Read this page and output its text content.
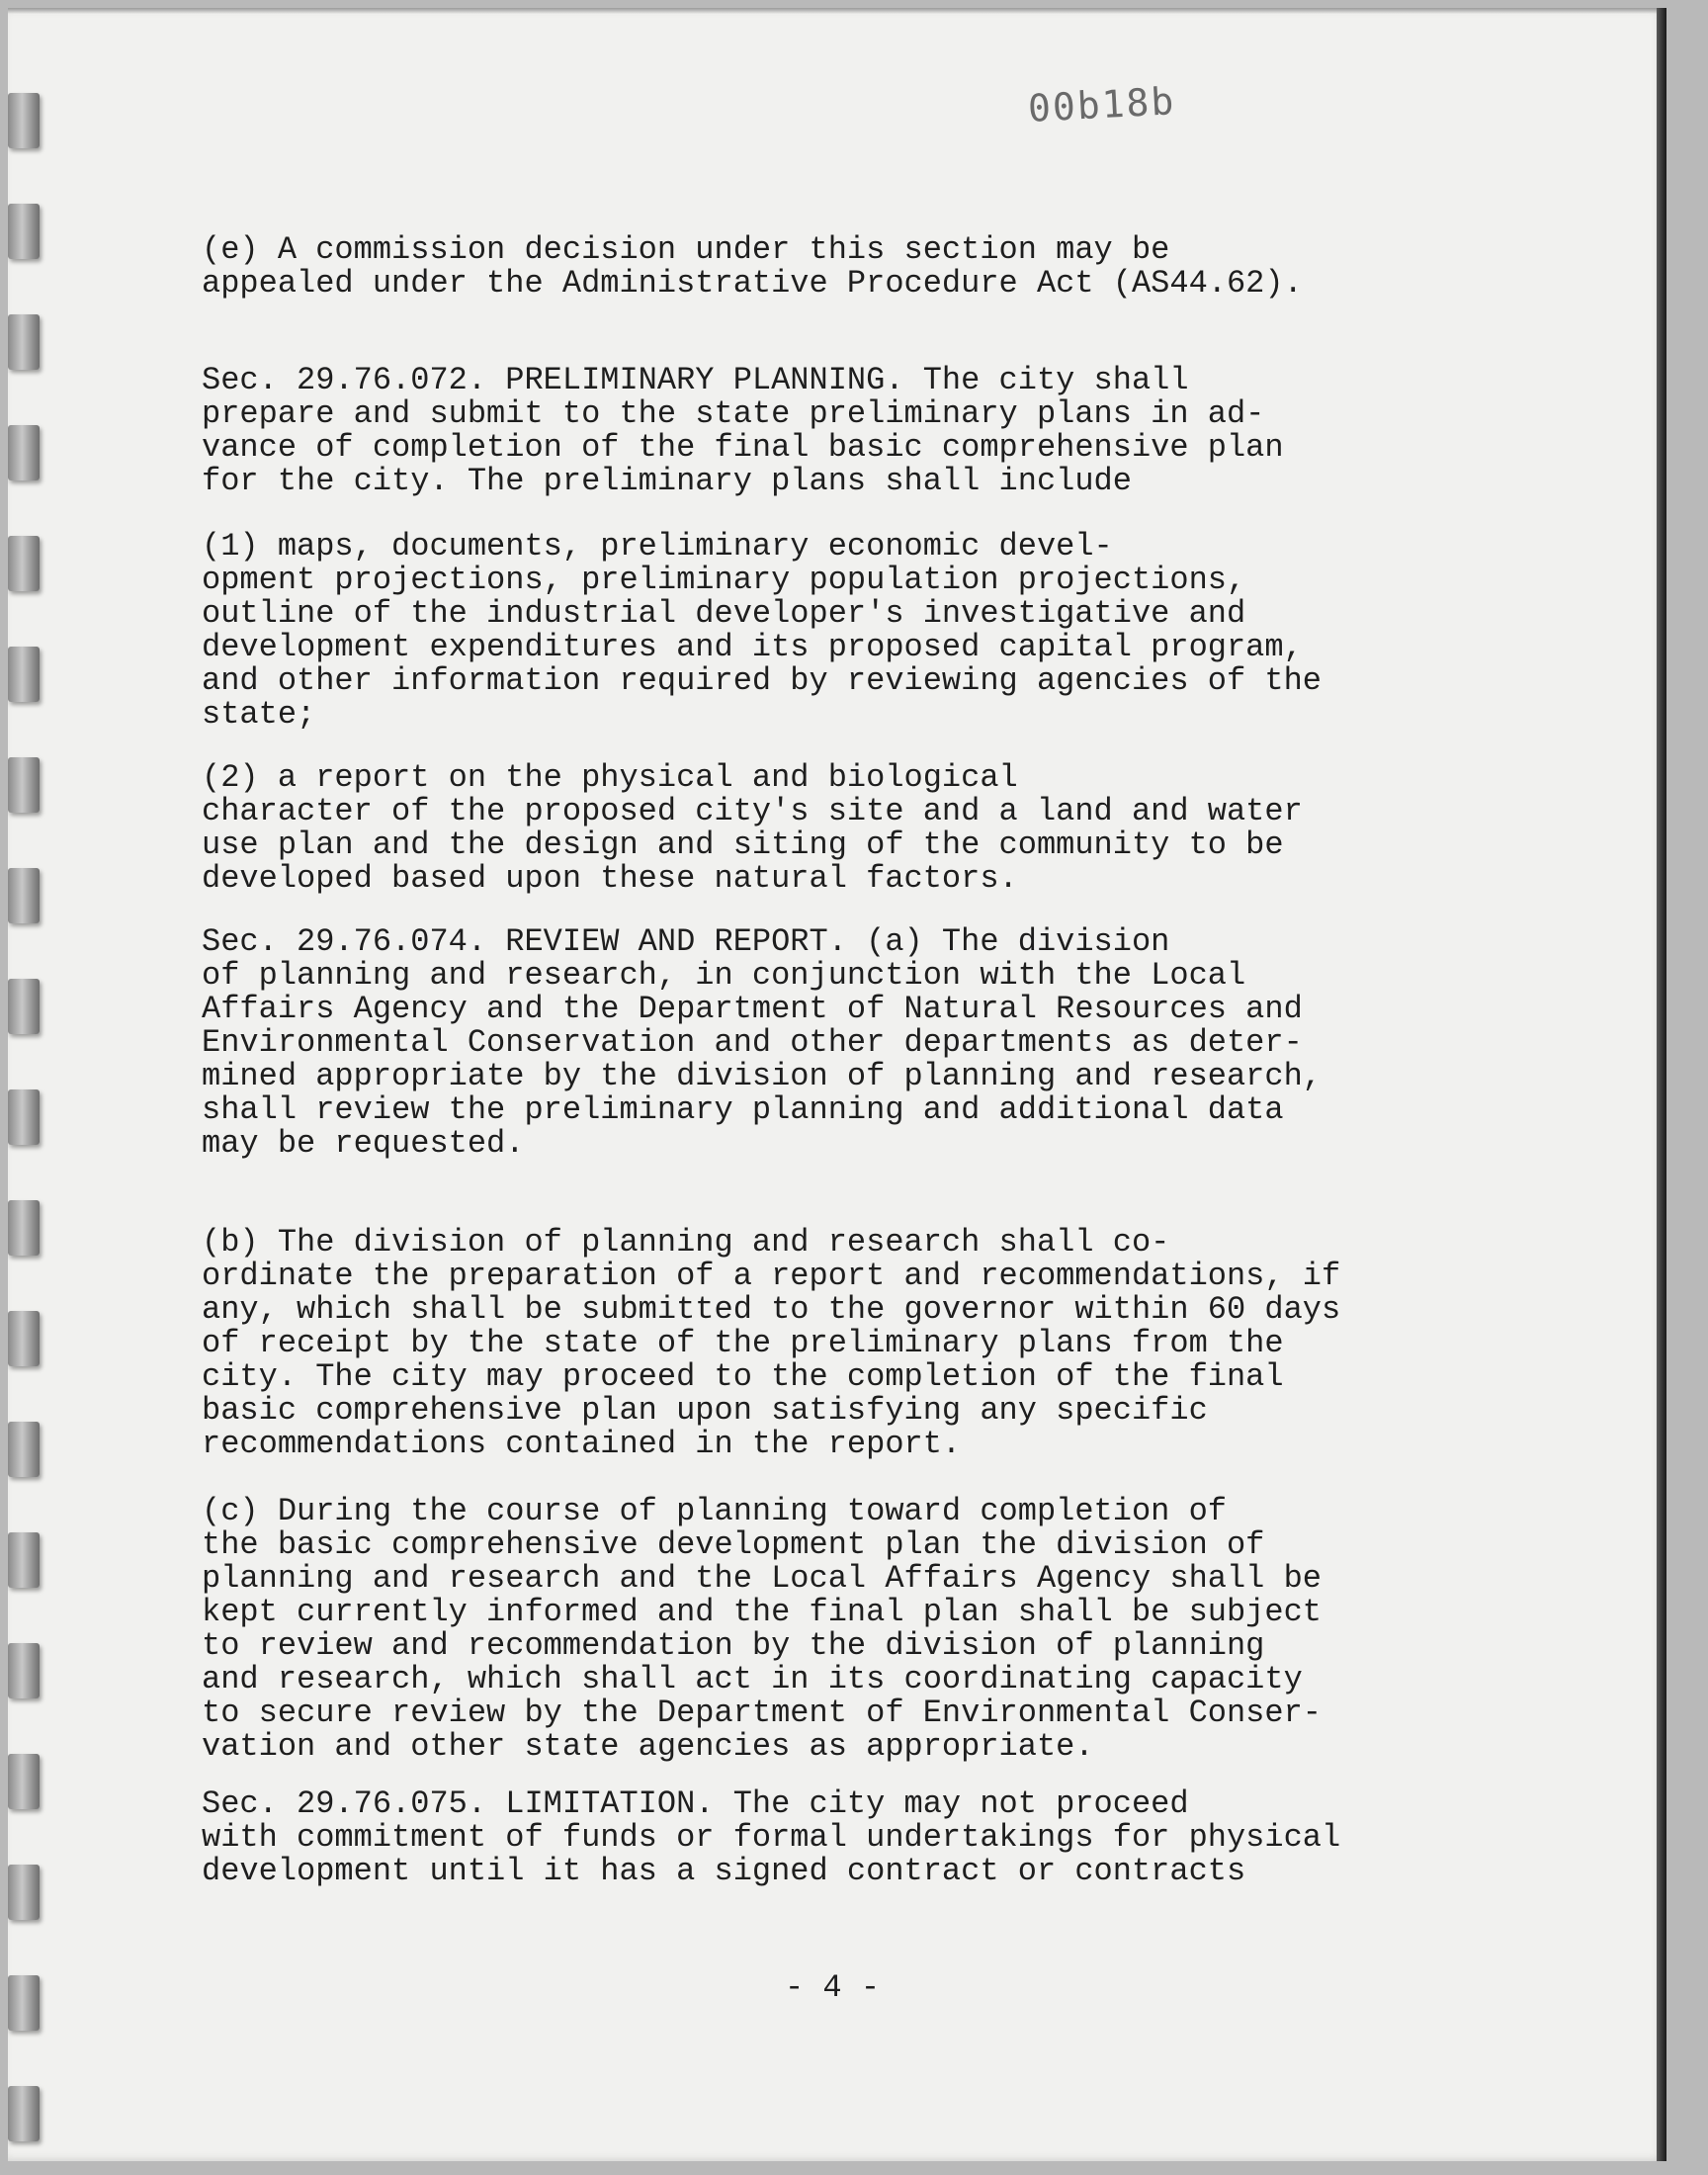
00b18b
(e) A commission decision under this section may be
appealed under the Administrative Procedure Act (AS44.62).
Sec. 29.76.072. PRELIMINARY PLANNING. The city shall
prepare and submit to the state preliminary plans in ad-
vance of completion of the final basic comprehensive plan
for the city. The preliminary plans shall include
(1) maps, documents, preliminary economic devel-
opment projections, preliminary population projections,
outline of the industrial developer's investigative and
development expenditures and its proposed capital program,
and other information required by reviewing agencies of the
state;
(2) a report on the physical and biological
character of the proposed city's site and a land and water
use plan and the design and siting of the community to be
developed based upon these natural factors.
Sec. 29.76.074. REVIEW AND REPORT. (a) The division
of planning and research, in conjunction with the Local
Affairs Agency and the Department of Natural Resources and
Environmental Conservation and other departments as deter-
mined appropriate by the division of planning and research,
shall review the preliminary planning and additional data
may be requested.
(b) The division of planning and research shall co-
ordinate the preparation of a report and recommendations, if
any, which shall be submitted to the governor within 60 days
of receipt by the state of the preliminary plans from the
city. The city may proceed to the completion of the final
basic comprehensive plan upon satisfying any specific
recommendations contained in the report.
(c) During the course of planning toward completion of
the basic comprehensive development plan the division of
planning and research and the Local Affairs Agency shall be
kept currently informed and the final plan shall be subject
to review and recommendation by the division of planning
and research, which shall act in its coordinating capacity
to secure review by the Department of Environmental Conser-
vation and other state agencies as appropriate.
Sec. 29.76.075. LIMITATION. The city may not proceed
with commitment of funds or formal undertakings for physical
development until it has a signed contract or contracts
- 4 -
